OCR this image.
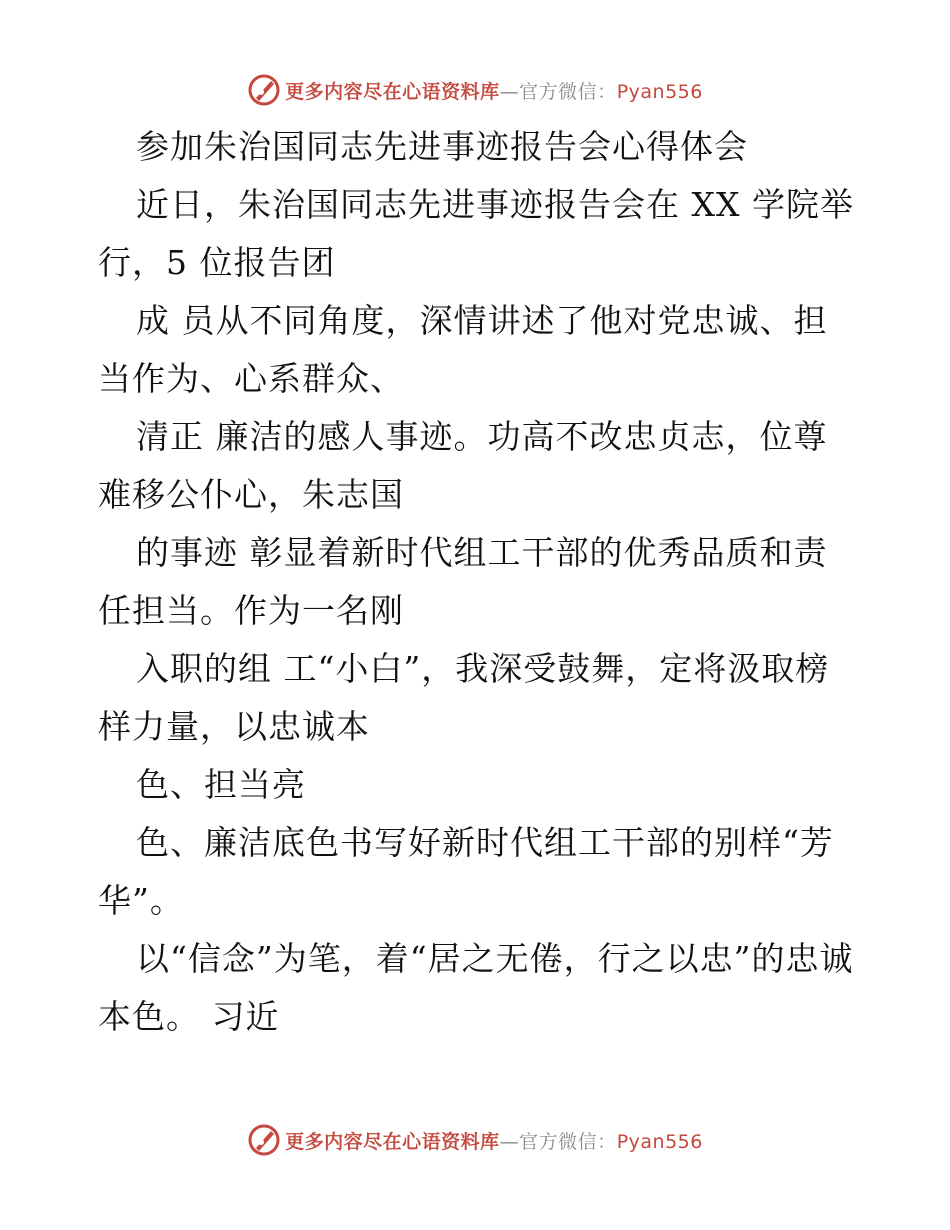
更多内容尽在心语资料库—官方微信：Pyan556

参加朱治国同志先进事迹报告会心得体会

近日，朱治国同志先进事迹报告会在 XX 学院举行，5 位报告团

成 员从不同角度，深情讲述了他对党忠诚、担当作为、心系群众、

清正 廉洁的感人事迹。功高不改忠贞志，位尊难移公仆心，朱志国

的事迹 彰显着新时代组工干部的优秀品质和责任担当。作为一名刚

入职的组 工“小白”，我深受鼓舞，定将汲取榜样力量，以忠诚本

色、担当亮

色、廉洁底色书写好新时代组工干部的别样“芳华”。

以“信念”为笔，着“居之无倦，行之以忠”的忠诚本色。 习近

更多内容尽在心语资料库—官方微信：Pyan556
